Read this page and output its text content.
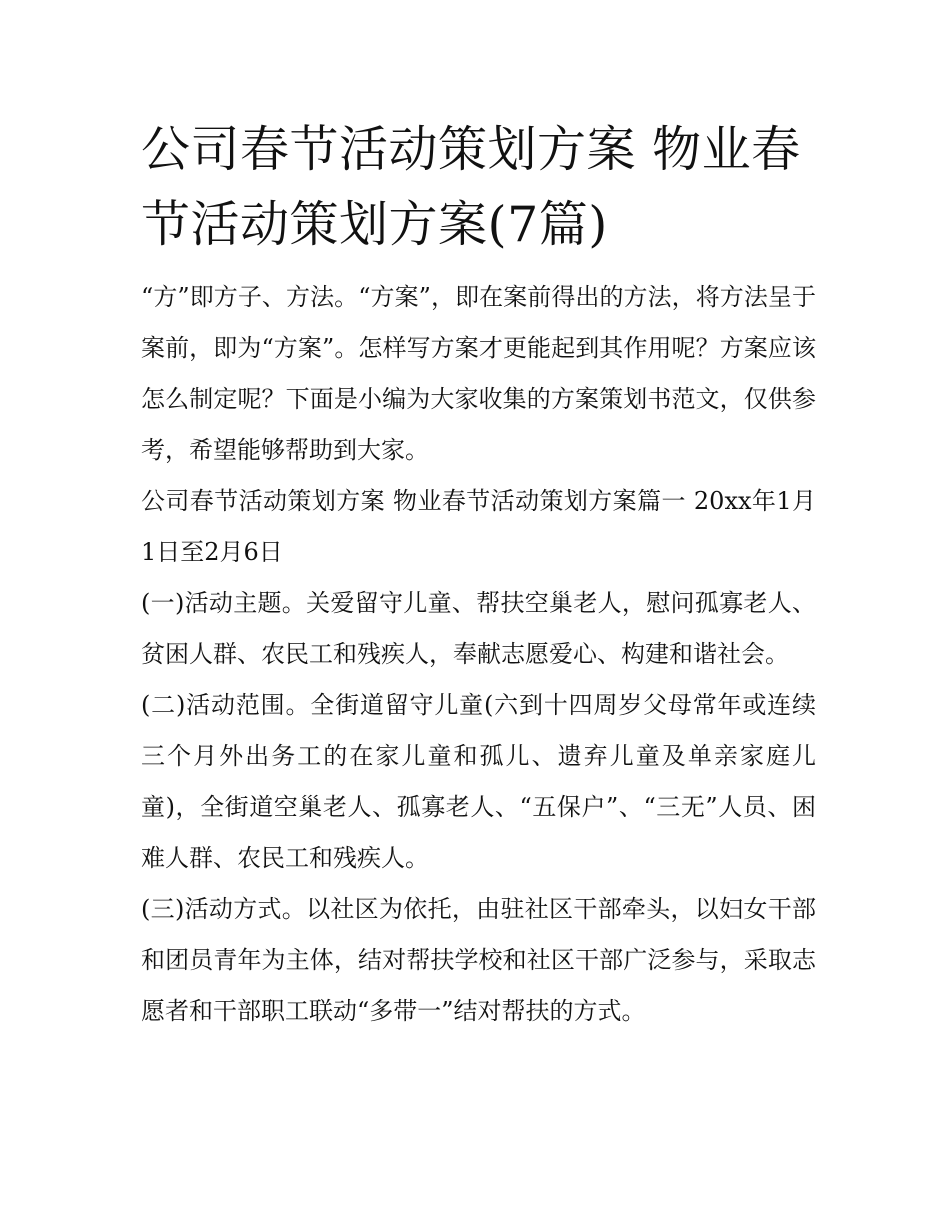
公司春节活动策划方案 物业春节活动策划方案(7篇)

“方”即方子、方法。“方案”，即在案前得出的方法，将方法呈于案前，即为“方案”。怎样写方案才更能起到其作用呢？方案应该怎么制定呢？下面是小编为大家收集的方案策划书范文，仅供参考，希望能够帮助到大家。

公司春节活动策划方案 物业春节活动策划方案篇一 20xx年1月1日至2月6日

(一)活动主题。关爱留守儿童、帮扶空巢老人，慰问孤寡老人、贫困人群、农民工和残疾人，奉献志愿爱心、构建和谐社会。

(二)活动范围。全街道留守儿童(六到十四周岁父母常年或连续三个月外出务工的在家儿童和孤儿、遗弃儿童及单亲家庭儿童)，全街道空巢老人、孤寡老人、“五保户”、“三无”人员、困难人群、农民工和残疾人。

(三)活动方式。以社区为依托，由驻社区干部牵头，以妇女干部和团员青年为主体，结对帮扶学校和社区干部广泛参与，采取志愿者和干部职工联动“多带一”结对帮扶的方式。
